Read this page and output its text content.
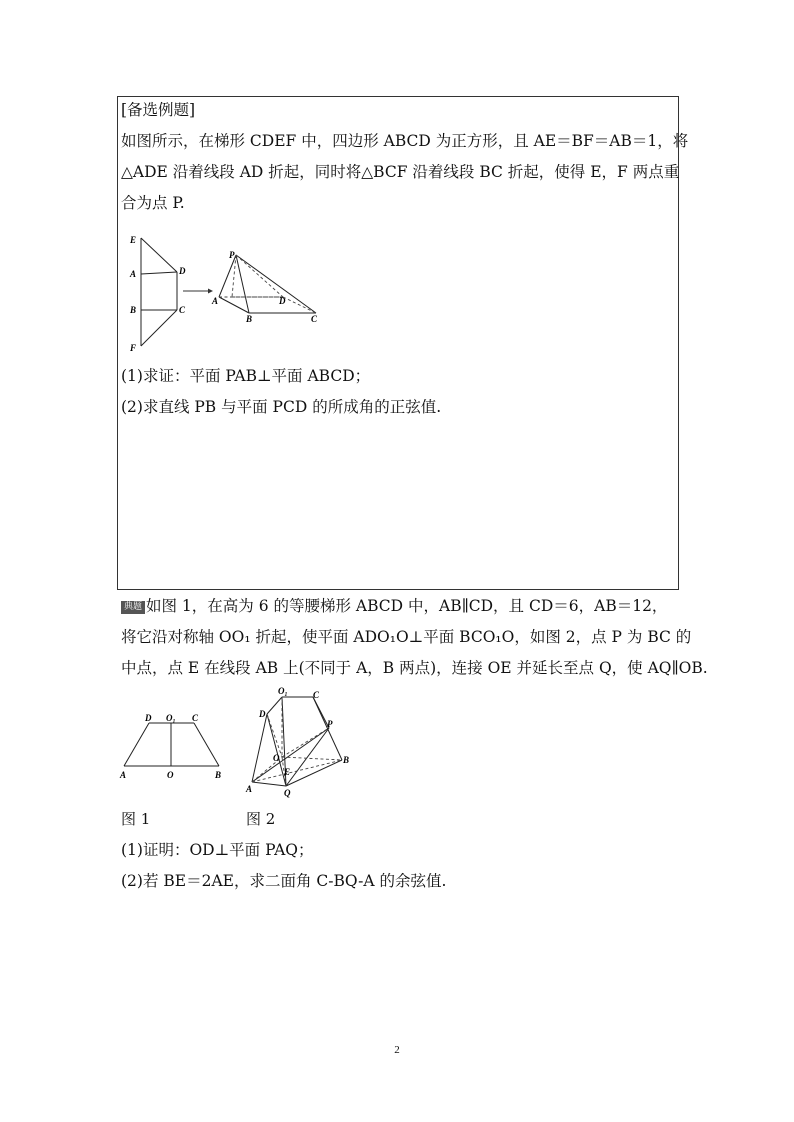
[备选例题]
如图所示，在梯形 CDEF 中，四边形 ABCD 为正方形，且 AE＝BF＝AB＝1，将
△ADE 沿着线段 AD 折起，同时将△BCF 沿着线段 BC 折起，使得 E，F 两点重
合为点 P.
E
A
B
F
D
C
P
A
B	C
D
D O₁ C
A	O	B
O₁	C
D
P
O
E
B
A	Q
(1)求证：平面 PAB⊥平面 ABCD；
(2)求直线 PB 与平面 PCD 的所成角的正弦值.
典题 如图 1，在高为 6 的等腰梯形 ABCD 中，AB∥CD，且 CD＝6，AB＝12，
将它沿对称轴 OO₁ 折起，使平面 ADO₁O⊥平面 BCO₁O，如图 2，点 P 为 BC 的
中点，点 E 在线段 AB 上(不同于 A，B 两点)，连接 OE 并延长至点 Q，使 AQ∥OB.
图 1	图 2
(1)证明：OD⊥平面 PAQ；
(2)若 BE＝2AE，求二面角 C-BQ-A 的余弦值.
2
